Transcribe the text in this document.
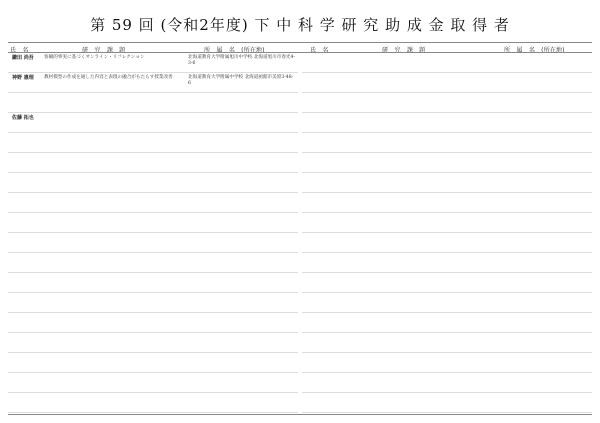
第 59 回 (令和2年度) 下 中 科 学 研 究 助 成 金 取 得 者
氏　名	研　究　課　題	所　属　名　(所在地)	氏　名	研　究　課　題	所　属　名　(所在地)
鎌田 尚吾	客観的事実に基づくオンライン・リフレクション	北海道教育大学附属旭川中学校 北海道旭川市春光4-3-6
神野 惠理	教材模型の作成を通した内容と表現の融合がもたらす授業改善	北海道教育大学附属中学校 北海道函館市美原3-48-6
佐藤 拓也
